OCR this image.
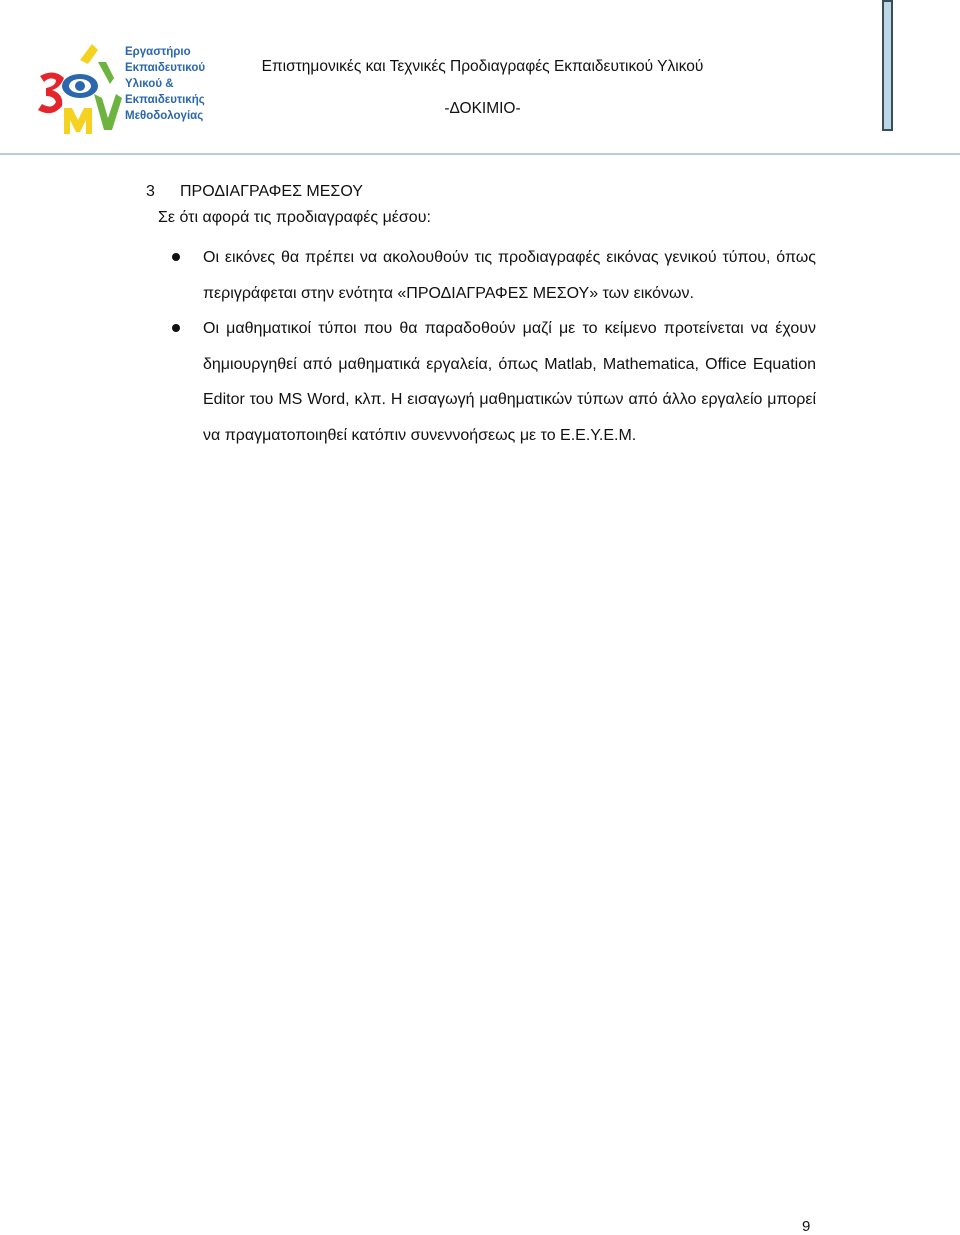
Εργαστήριο
Εκπαιδευτικού
Υλικού &
Εκπαιδευτικής
Μεθοδολογίας
Επιστημονικές και Τεχνικές Προδιαγραφές Εκπαιδευτικού Υλικού
-ΔΟΚΙΜΙΟ-
3 ΠΡΟΔΙΑΓΡΑΦΕΣ ΜΕΣΟΥ
Σε ότι αφορά τις προδιαγραφές μέσου:
Οι εικόνες θα πρέπει να ακολουθούν τις προδιαγραφές εικόνας γενικού τύπου, όπως περιγράφεται στην ενότητα «ΠΡΟΔΙΑΓΡΑΦΕΣ ΜΕΣΟΥ» των εικόνων.
Οι μαθηματικοί τύποι που θα παραδοθούν μαζί με το κείμενο προτείνεται να έχουν δημιουργηθεί από μαθηματικά εργαλεία, όπως Matlab, Mathematica, Office Equation Editor του MS Word, κλπ. Η εισαγωγή μαθηματικών τύπων από άλλο εργαλείο μπορεί να πραγματοποιηθεί κατόπιν συνεννοήσεως με το Ε.Ε.Υ.Ε.Μ.
9
